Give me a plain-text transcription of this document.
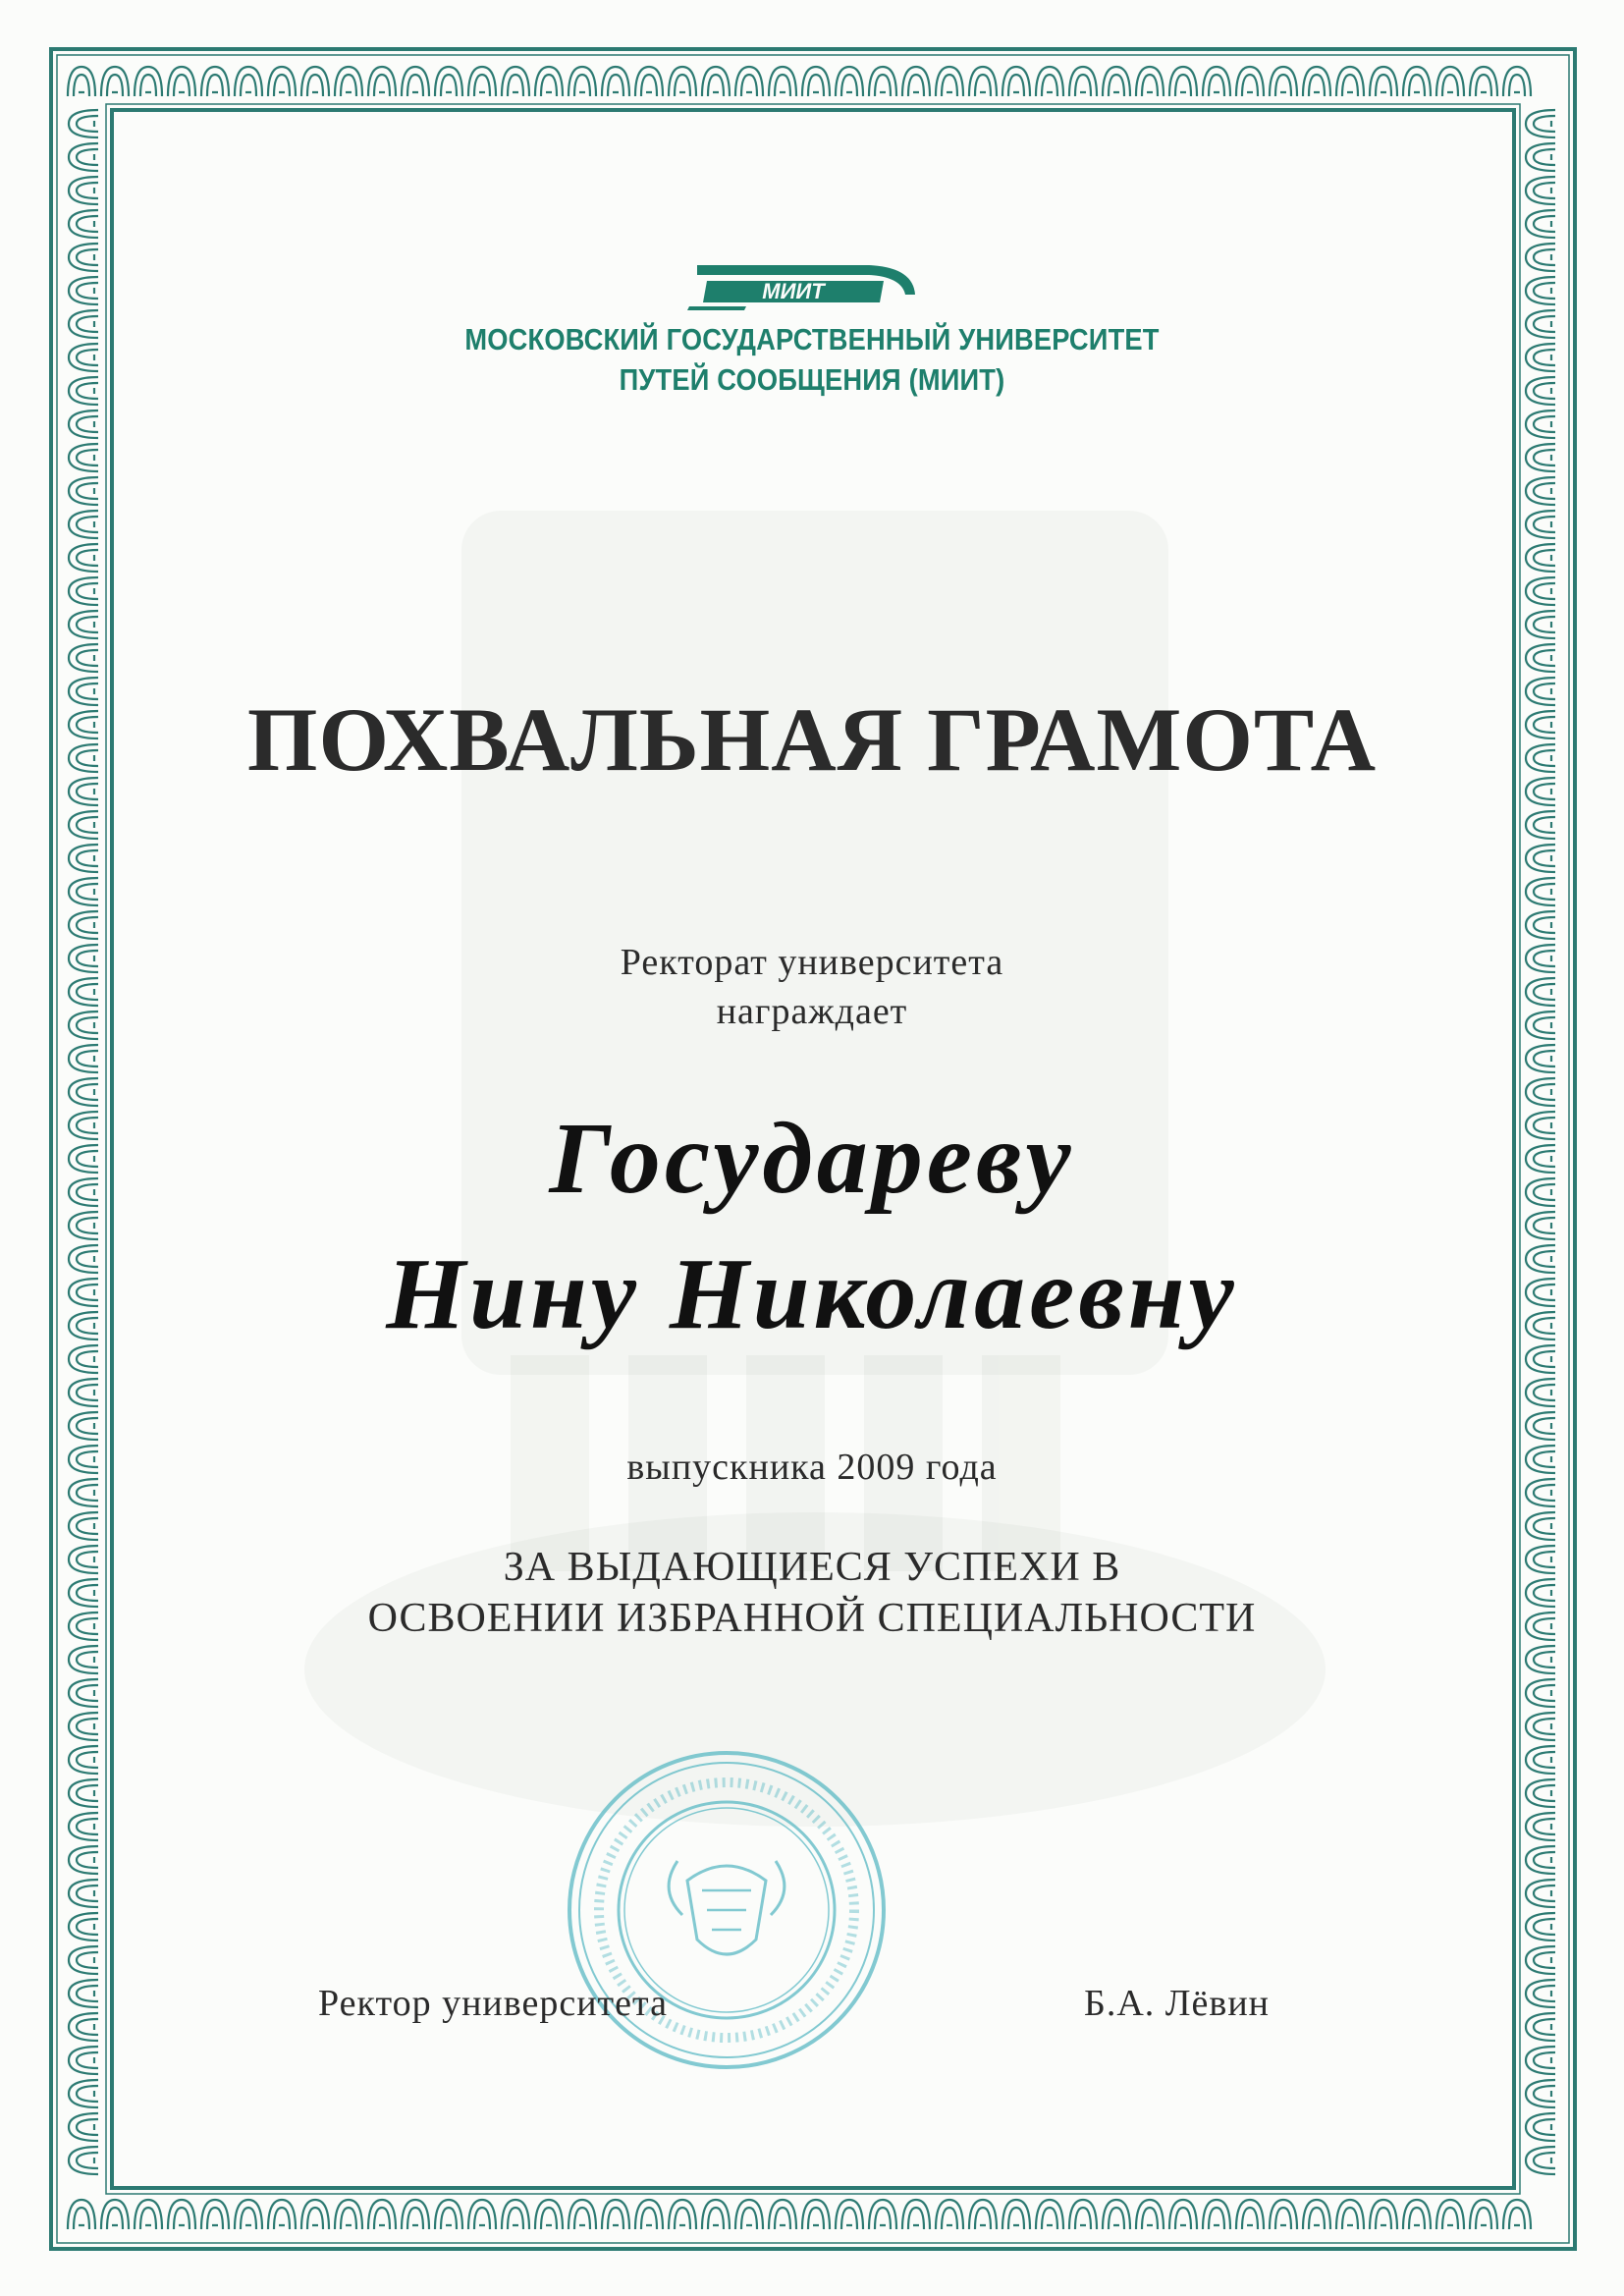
МИИТ
МОСКОВСКИЙ ГОСУДАРСТВЕННЫЙ УНИВЕРСИТЕТ
ПУТЕЙ СООБЩЕНИЯ (МИИТ)
ПОХВАЛЬНАЯ ГРАМОТА
Ректорат университета
награждает
Государеву
Нину Николаевну
выпускника 2009 года
ЗА ВЫДАЮЩИЕСЯ УСПЕХИ В
ОСВОЕНИИ ИЗБРАННОЙ СПЕЦИАЛЬНОСТИ
Ректор университета	Б.А. Лёвин
